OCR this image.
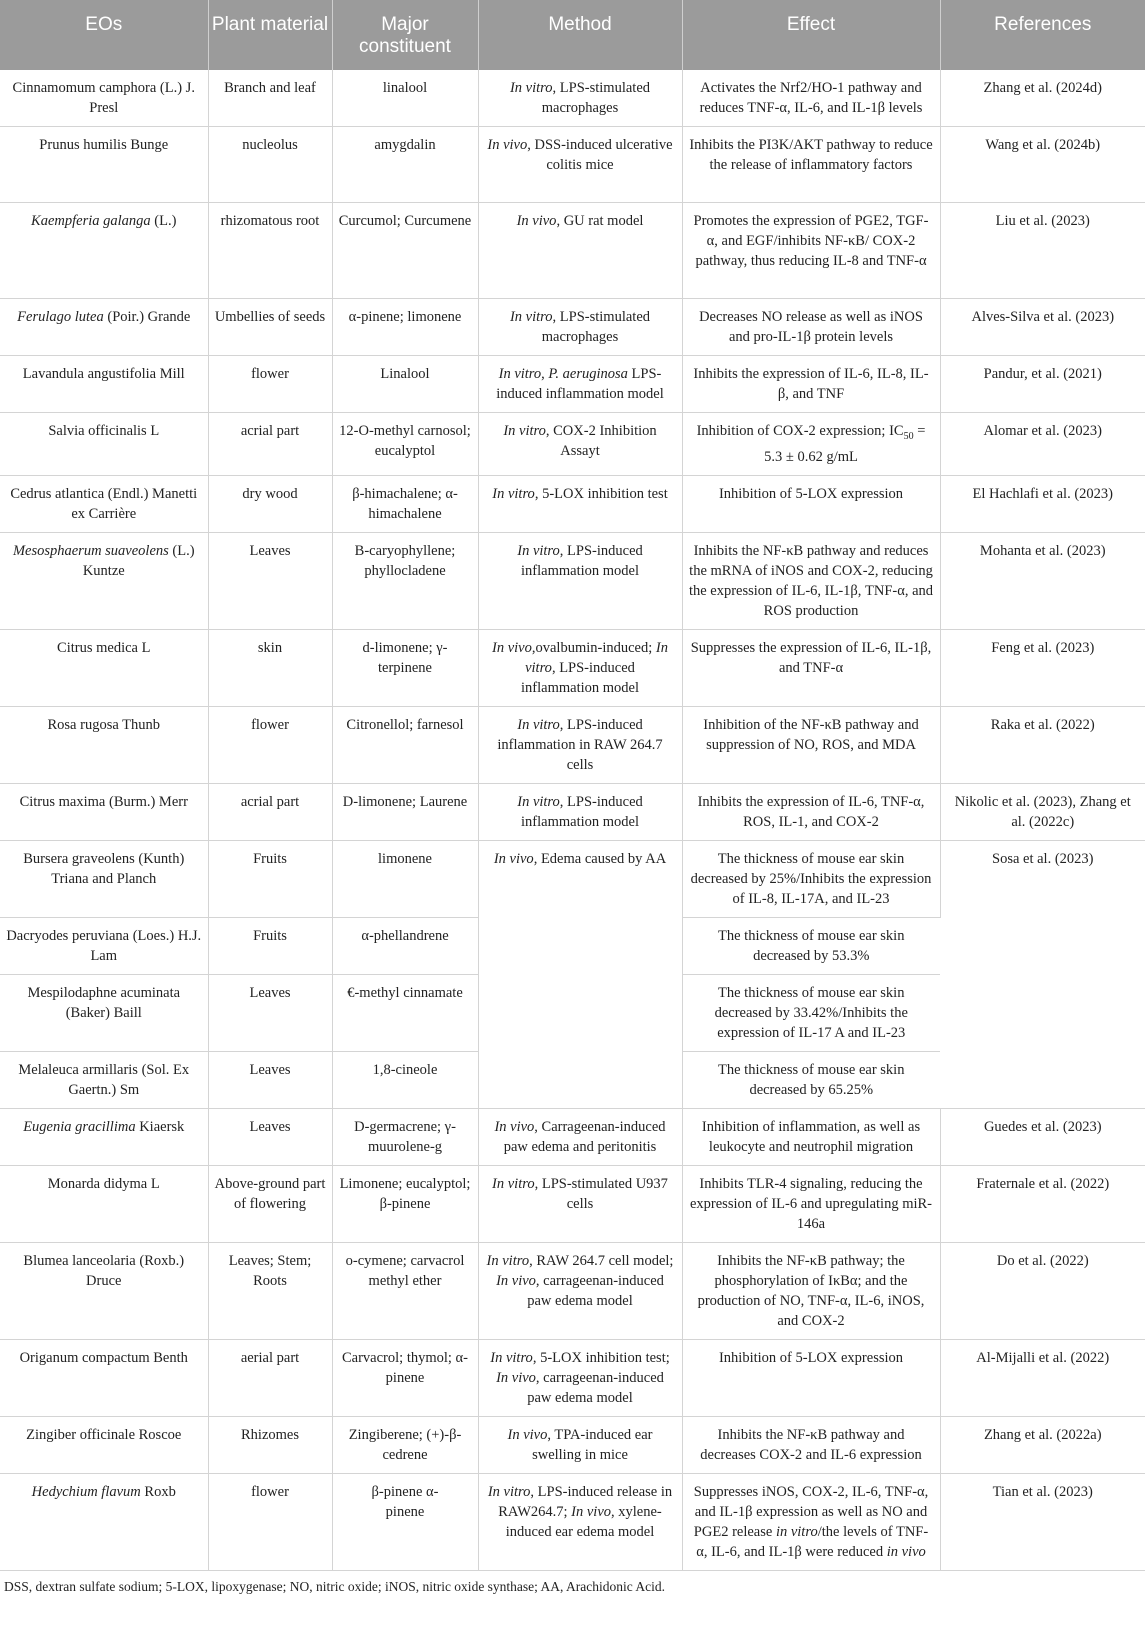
EOs	Plant material	Major constituent	Method	Effect	References
Cinnamomum camphora (L.) J. Presl	Branch and leaf	linalool	In vitro, LPS-stimulated macrophages	Activates the Nrf2/HO-1 pathway and reduces TNF-α, IL-6, and IL-1β levels	Zhang et al. (2024d)
Prunus humilis Bunge	nucleolus	amygdalin	In vivo, DSS-induced ulcerative colitis mice	Inhibits the PI3K/AKT pathway to reduce the release of inflammatory factors	Wang et al. (2024b)
Kaempferia galanga (L.)	rhizomatous root	Curcumol; Curcumene	In vivo, GU rat model	Promotes the expression of PGE2, TGF-α, and EGF/inhibits NF-κB/ COX-2 pathway, thus reducing IL-8 and TNF-α	Liu et al. (2023)
Ferulago lutea (Poir.) Grande	Umbellies of seeds	α-pinene; limonene	In vitro, LPS-stimulated macrophages	Decreases NO release as well as iNOS and pro-IL-1β protein levels	Alves-Silva et al. (2023)
Lavandula angustifolia Mill	flower	Linalool	In vitro, P. aeruginosa LPS-induced inflammation model	Inhibits the expression of IL-6, IL-8, IL-β, and TNF	Pandur, et al. (2021)
Salvia officinalis L	acrial part	12-O-methyl carnosol; eucalyptol	In vitro, COX-2 Inhibition Assayt	Inhibition of COX-2 expression; $IC_{50} = 5.3 \pm 0.62$ g/mL	Alomar et al. (2023)
Cedrus atlantica (Endl.) Manetti ex Carrière	dry wood	β-himachalene; α-himachalene	In vitro, 5-LOX inhibition test	Inhibition of 5-LOX expression	El Hachlafi et al. (2023)
Mesosphaerum suaveolens (L.) Kuntze	Leaves	Β-caryophyllene; phyllocladene	In vitro, LPS-induced inflammation model	Inhibits the NF-κB pathway and reduces the mRNA of iNOS and COX-2, reducing the expression of IL-6, IL-1β, TNF-α, and ROS production	Mohanta et al. (2023)
Citrus medica L	skin	d-limonene; γ-terpinene	In vivo,ovalbumin-induced; In vitro, LPS-induced inflammation model	Suppresses the expression of IL-6, IL-1β, and TNF-α	Feng et al. (2023)
Rosa rugosa Thunb	flower	Citronellol; farnesol	In vitro, LPS-induced inflammation in RAW 264.7 cells	Inhibition of the NF-κB pathway and suppression of NO, ROS, and MDA	Raka et al. (2022)
Citrus maxima (Burm.) Merr	acrial part	D-limonene; Laurene	In vitro, LPS-induced inflammation model	Inhibits the expression of IL-6, TNF-α, ROS, IL-1, and COX-2	Nikolic et al. (2023), Zhang et al. (2022c)
Bursera graveolens (Kunth) Triana and Planch	Fruits	limonene	In vivo, Edema caused by AA	The thickness of mouse ear skin decreased by 25%/Inhibits the expression of IL-8, IL-17A, and IL-23	Sosa et al. (2023)
Dacryodes peruviana (Loes.) H.J. Lam	Fruits	α-phellandrene		The thickness of mouse ear skin decreased by 53.3%	
Mespilodaphne acuminata (Baker) Baill	Leaves	€-methyl cinnamate		The thickness of mouse ear skin decreased by 33.42%/Inhibits the expression of IL-17 A and IL-23	
Melaleuca armillaris (Sol. Ex Gaertn.) Sm	Leaves	1,8-cineole		The thickness of mouse ear skin decreased by 65.25%	
Eugenia gracillima Kiaersk	Leaves	D-germacrene; γ-muurolene-g	In vivo, Carrageenan-induced paw edema and peritonitis	Inhibition of inflammation, as well as leukocyte and neutrophil migration	Guedes et al. (2023)
Monarda didyma L	Above-ground part of flowering	Limonene; eucalyptol; β-pinene	In vitro, LPS-stimulated U937 cells	Inhibits TLR-4 signaling, reducing the expression of IL-6 and upregulating miR-146a	Fraternale et al. (2022)
Blumea lanceolaria (Roxb.) Druce	Leaves; Stem; Roots	o-cymene; carvacrol methyl ether	In vitro, RAW 264.7 cell model; In vivo, carrageenan-induced paw edema model	Inhibits the NF-κB pathway; the phosphorylation of IκBα; and the production of NO, TNF-α, IL-6, iNOS, and COX-2	Do et al. (2022)
Origanum compactum Benth	aerial part	Carvacrol; thymol; α-pinene	In vitro, 5-LOX inhibition test; In vivo, carrageenan-induced paw edema model	Inhibition of 5-LOX expression	Al-Mijalli et al. (2022)
Zingiber officinale Roscoe	Rhizomes	Zingiberene; (+)-β-cedrene	In vivo, TPA-induced ear swelling in mice	Inhibits the NF-κB pathway and decreases COX-2 and IL-6 expression	Zhang et al. (2022a)
Hedychium flavum Roxb	flower	β-pinene α-pinene	In vitro, LPS-induced release in RAW264.7; In vivo, xylene-induced ear edema model	Suppresses iNOS, COX-2, IL-6, TNF-α, and IL-1β expression as well as NO and PGE2 release in vitro/the levels of TNF-α, IL-6, and IL-1β were reduced in vivo	Tian et al. (2023)
DSS, dextran sulfate sodium; 5-LOX, lipoxygenase; NO, nitric oxide; iNOS, nitric oxide synthase; AA, Arachidonic Acid.
